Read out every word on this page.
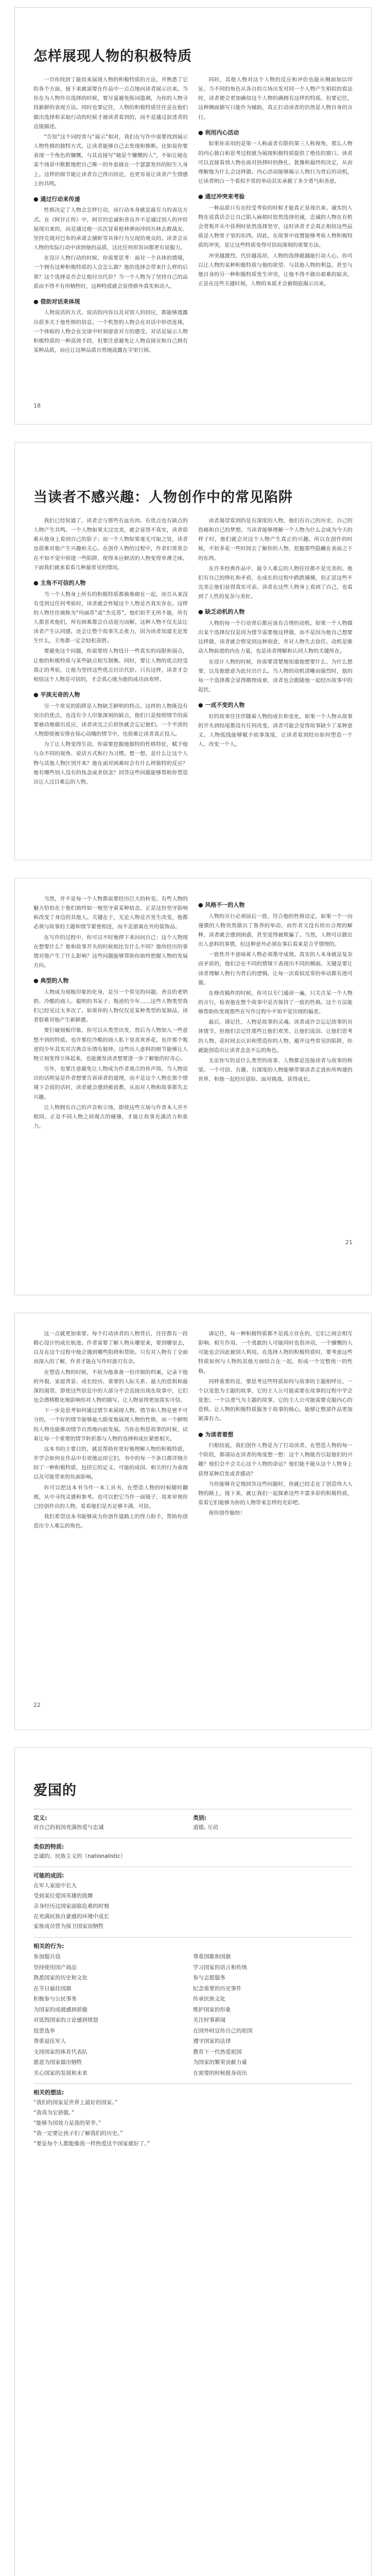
怎样展现人物的积极特质

一旦你找到了能用来展现人物的积极特质的方法，并熟悉了它的各个方面，接下来就需要在作品中一点点地向读者展示出来。当你在为人物作出选择的时候，要尽量避免陈词滥调，为你的人物寻找新鲜的表现方法。同时也要记住，人物的积极特质往往是在他们做出选择和采取行动的时候才被读者看到的，而不是通过叙述者的直接描述。

“告知”这个词经常与“展示”相对，我们在写作中需要找到展示人物性格的独特方式，让读者能够自己去发现和推断。比如说你要表现一个角色的慷慨，与其直接写“她是个慷慨的人”，不如让她在某个场景中默默地把自己唯一的外套披在一个瑟瑟发抖的陌生人身上。这样的细节能让读者自己得出结论，也更容易让读者产生情感上的共鸣。

● 通过行动来传递

性格决定了人物会怎样行动，而行动本身就是最有力的表达方式。在《阿甘正传》中，阿甘的忠诚和善良并不是通过别人的评价展现出来的，而是通过他一次次冒着枪林弹雨冲回丛林去救战友、坚持兑现对巴布的承诺去捕虾等具体行为呈现给观众的。读者会从人物的实际行动中读到他的品质，这比任何形容词都更有说服力。

在设计人物行动的时候，你需要思考：面对一个具体的情境，一个拥有这种积极特质的人会怎么做？他的选择会带来什么样的后果？这个选择是否会让他付出代价？当一个人物为了坚持自己的品质而不得不有所牺牲时，这种特质就会显得格外真实和动人。

● 借助对话来体现

人物说话的方式、说话的内容以及对别人的回应，都能够透露出很多关于他性格的信息。一个机智的人物会在对话中妙语连珠，一个体贴的人物会在交谈中时刻留意对方的感受。对话是展示人物积极特质的一种高效手段，但要注意避免让人物直接宣称自己拥有某种品质，而应让这种品质自然地流露在字里行间。

同时，其他人物对这个人物的反应和评价也能从侧面加以印证。当不同的角色从各自的立场出发对同一个人物产生相似的看法时，读者便会更加确信这个人物的确拥有这样的特质。但要记住，这种侧面描写只能作为辅助，真正打动读者的仍然是人物自身的言行。

● 利用内心活动

如果你采用的是第一人称或者有限的第三人称视角，那么人物的内心独白和思考过程就为展现积极特质提供了绝佳的窗口。读者可以直接看到人物在面对抉择时的挣扎、犹豫和最终的决定，从而理解他为什么会这样做。内心活动能够揭示人物行为背后的动机，让读者明白一个看似平常的举动其实承载了多少勇气和善意。

● 通过冲突来考验

一种品质只有在经受考验的时候才能真正显现出来。诚实的人物在说真话会让自己陷入麻烦时依然选择坦诚，忠诚的人物在有机会背叛并从中获利时依然选择坚守，这时读者才会真正相信这些品质是人物骨子里的东西。因此，在故事中设置能够考验人物积极特质的冲突，是让这些特质变得可信而深刻的重要方法。

冲突越激烈，代价越高昂，人物的选择就越能打动人心。你可以让人物的某种积极特质与他的欲望、与其他人物的利益，甚至与他自身的另一种积极特质发生冲突，让他不得不做出艰难的取舍。正是在这些关键时刻，人物的本质才会被彻底揭示出来。

18
当读者不感兴趣：人物创作中的常见陷阱

我们已经知道了，读者会与那些有血有肉、有优点也有缺点的人物产生共鸣。一个人物如果太过完美，就会显得不真实，读者很难从他身上看到自己的影子；而一个人物如果毫无可取之处，读者也很难对他产生兴趣和关心。在创作人物的过程中，作者们常常会在不知不觉中掉进一些陷阱，使得本应鲜活的人物变得单薄乏味。下面我们就来看看几种最常见的情况。

● 主角不可信的人物

当一个人物身上所有的积极特质都被堆砌在一起，而且从来没有受到过任何考验时，读者就会怀疑这个人物是否真实存在。这样的人物往往被称为“玛丽苏”或“杰克苏”，他们似乎无所不能，所有人都喜欢他们，所有困难都会自动迎刃而解。这种人物不仅无法让读者产生认同感，还会让整个故事失去张力，因为读者知道无论发生什么，主角都一定会轻松获胜。

要避免这个问题，你需要给人物设计一些真实的局限和弱点，让他的积极特质与某些缺点相互制衡。同时，要让人物的优点经受真正的考验，让他为坚持这些优点付出代价。只有这样，读者才会相信这个人物是可信的，才会真心地为他的成功而欢呼。

● 平淡无奇的人物

另一个常见的陷阱是人物缺乏鲜明的特点。这样的人物既没有突出的优点，也没有令人印象深刻的缺点，他们只是按照情节的需要被动地做出反应，读者读完之后很快就会忘记他们。一个平淡的人物即使被安排在惊心动魄的情节中，也很难让读者真正投入。

为了让人物变得生动，你需要挖掘他独特的性格特征，赋予他与众不同的视角、说话方式和行为习惯。想一想，是什么让这个人物与其他人物区别开来？他在面对困难时会有什么样独特的反应？他有哪些别人没有的执念或者信念？回答这些问题能够帮助你塑造出让人过目难忘的人物。

读者渴望看到的是有深度的人物，他们有自己的历史、自己的伤痛和自己的梦想。当读者能够理解一个人物为什么会成为今天的样子时，他们就会对这个人物产生真正的兴趣。所以在创作的时候，不妨多花一些时间去了解你的人物，挖掘那些隐藏在表面之下的东西。

在许多经典作品中，最令人难忘的人物往往都不是完美的。他们有自己的挣扎和矛盾，在成长的过程中跌跌撞撞，但正是这些不完美让他们显得真实可亲。读者在这些人物身上看到了自己，也看到了人性的复杂与美好。

● 缺乏动机的人物

人物的每一个行动背后都应该有合理的动机。如果一个人物做出某个选择仅仅是因为情节需要他这样做，而不是因为他自己想要这样做，读者就会察觉到这种刻意，并对人物失去信任。动机是推动人物前进的内在力量，也是读者理解和认同人物的关键所在。

在设计人物的时候，你需要清楚地知道他想要什么、为什么想要，以及他愿意为此付出什么。当人物的动机清晰而强烈时，他的每一个选择都会显得顺理成章，读者也会跟随他一起经历故事中的起伏。

● 一成不变的人物

好的故事往往伴随着人物的成长和变化。如果一个人物从故事的开头到结尾都没有任何改变，读者可能会觉得故事缺少了某种意义。人物弧线能够赋予故事深度，让读者看到经历如何塑造一个人、改变一个人。

当然，并不是每一个人物都需要经历巨大的转变。有些人物的魅力恰恰在于他们始终如一地坚守着某种信念，正是这份坚守影响和改变了身边的其他人。关键在于，无论人物是否发生改变，他都必须与故事的主题和情节紧密相连，而不是游离在外的装饰品。

在写作的过程中，你可以不时地停下来问问自己：这个人物现在想要什么？他和故事开头的时候相比有什么不同？他所经历的事情对他产生了什么影响？这些问题能够帮助你始终把握人物的发展方向。

● 典型的人物

人物成为刻板印象的化身，是另一个常见的问题。善良的老奶奶、冷酷的商人、聪明的书呆子、叛逆的少年……这些人物类型我们已经见过太多次了。如果你的人物仅仅是某种类型的复制品，读者很难对他产生新鲜感。

要打破刻板印象，你可以从类型出发，然后为人物加入一些意想不到的特质。也许那位冷酷的商人私下里喜欢养花，也许那个叛逆的少年其实对古典音乐情有独钟。这些出人意料的细节能够让人物立刻变得立体起来，也能激发读者想要进一步了解他的好奇心。

另外，也要注意避免让人物成为作者观点的传声筒。当人物说出的话明显是作者想要告诉读者的道理，而不是这个人物在那个情境下会说的话时，读者就会感到被说教，从而对人物和故事都失去兴趣。

让人物拥有自己的声音和立场，即使这些立场与作者本人并不相同。正是不同人物之间观点的碰撞，才能让故事充满活力和张力。

● 风格不一的人物

人物的言行必须前后一致，符合他的性格设定。如果一个一向谨慎的人物突然做出了鲁莽的举动，而作者又没有给出合理的解释，读者就会感到困惑，甚至觉得被欺骗了。当然，人物可以做出出人意料的事情，但这种意外必须在事后看来是合乎情理的。

一致性并不意味着人物必须墨守成规。真实的人本身就是复杂而矛盾的，他们会在不同的情境下表现出不同的侧面。关键是要让读者理解人物行为背后的逻辑，让每一次看似反常的举动都有迹可循。

在修改稿件的时候，你可以专门通读一遍，只关注某一个人物的言行，检查他在整个故事中是否保持了一致的性格。这个方法能够帮助你发现那些在写作过程中不知不觉出现的偏差。

最后，请记住，人物是故事的灵魂。读者或许会忘记故事的具体情节，但他们会记住那些让他们欢笑、让他们流泪、让他们思考的人物。花时间去认识和塑造你的人物，避开这些常见的陷阱，你就能创造出让读者念念不忘的角色。

无论你写的是什么类型的故事，人物都是连接读者与故事的桥梁。一个可信、有趣、有深度的人物能够带领读者走进你所构建的世界，和他一起经历冒险、面对挑战、获得成长。

21

这一点就更加重要。每个打动读者的人物背后，往往都有一段精心设计的成长轨迹。作者需要了解人物从哪里来，要到哪里去，以及在这个过程中他会遇到哪些阻碍和帮助。只有对人物有了全面而深入的了解，作者才能在写作时游刃有余。

在塑造人物的时候，不妨为他准备一份详细的档案，记录下他的外貌、家庭背景、成长经历、重要的人际关系、最大的恐惧和最深的渴望。即使这些信息中的大部分不会直接出现在故事中，它们也会潜移默化地影响你对人物的描写，让人物显得更加真实可信。

下一步是思考如何通过情节来展现人物。情节和人物是密不可分的，一个好的情节能够最大限度地展现人物的性格，而一个鲜明的人物也能推动情节自然地向前发展。当你在构思故事的时候，试着让每一个重要的情节转折都与人物的选择和成长紧密相关。

这本书的主要目的，就是帮助你更好地理解人物的积极特质，并学会如何在作品中有效地运用它们。书中的每一个条目都详细介绍了一种积极特质，包括它的定义、可能的成因、相关的行为表现以及可能带来的负面影响。

你可以把这本书当作一本工具书，在塑造人物的时候随时翻阅，从中寻找灵感和参考。也可以把它当作一面镜子，用来审视你已经创作出的人物，看看他们是否足够丰满、可信。

我们希望这本书能够成为你创作道路上的得力助手，帮助你创造出令人难忘的角色。

请记住，每一种积极特质都不是孤立存在的，它们之间会相互影响、相互作用。一个勇敢的人可能同时也很冲动，一个慷慨的人可能也会因此被别人利用。在选择人物的积极特质时，要考虑这些特质如何与人物的其他方面结合在一起，形成一个完整统一的性格。

同样重要的是，要思考这些特质如何与故事的主题相呼应。一个以宽恕为主题的故事，它的主人公可能需要在故事的过程中学会宽恕；一个以勇气为主题的故事，它的主人公可能需要克服内心的恐惧。让人物的积极特质服务于故事的核心，能够让整部作品更加紧凑有力。

● 为读者着想

归根结底，我们创作人物是为了打动读者。在塑造人物的每一个阶段，都请站在读者的角度想一想：这个人物能否引起他们的兴趣？他们会不会关心这个人物的命运？他们能不能从这个人物身上获得某种启发或者感动？

当你能够肯定地回答这些问题时，你就已经走在了创造伟大人物的路上。接下来，就让我们一起探索这些丰富多彩的积极特质，看看它们能够为你的人物带来怎样的光彩吧。

祝你创作愉快！

22
爱国的
定义:
对自己的祖国充满热爱与忠诚
类别:
道德, 互动
类似的特质:
忠诚的、民族主义的（nationalistic）
可能的成因:

在军人家庭中长大

受到某位爱国英雄的鼓舞

亲身经历过国家面临危难的时刻

在充满民族自豪感的环境中成长

家族成员曾为保卫国家而牺牲

相关的行为:
参加服兵役
坚持使用国产商品
熟悉国家的历史和文化
在节日悬挂国旗
积极参与公民事务
为国家的成就感到骄傲
对诋毁国家的言论感到愤怒
投票选举
尊重退伍军人
支持国家的体育代表队
愿意为国家做出牺牲
关心国家的发展和未来
尊重国歌和国旗
学习国家的语言和传统
参与志愿服务
纪念重要的历史事件
传承民族文化
维护国家的形象
关注时事新闻
在国外时宣传自己的祖国
遵守国家的法律
教育下一代热爱祖国
为国家的繁荣贡献力量
在需要的时候挺身而出
相关的想法:

“我们的国家是世界上最好的国家。”

“我真为它骄傲。”

“能够为国效力是我的荣幸。”

“我一定要让孩子们了解我们的历史。”

“要是每个人都能像我一样热爱这个国家就好了。”
